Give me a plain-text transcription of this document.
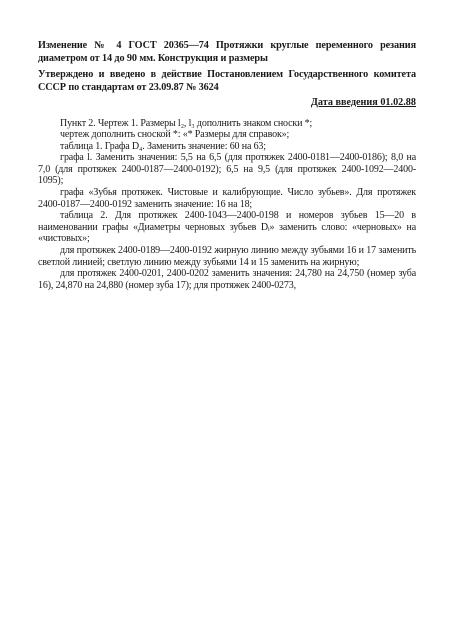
Изменение № 4 ГОСТ 20365—74 Протяжки круглые переменного резания диаметром от 14 до 90 мм. Конструкция и размеры
Утверждено и введено в действие Постановлением Государственного комитета СССР по стандартам от 23.09.87 № 3624
Дата введения 01.02.88

Пункт 2. Чертеж 1. Размеры l₂, l₃ дополнить знаком сноски *;

чертеж дополнить сноской *: «* Размеры для справок»;

таблица 1. Графа D₄. Заменить значение: 60 на 63;

графа l. Заменить значения: 5,5 на 6,5 (для протяжек 2400-0181—2400-0186); 8,0 на 7,0 (для протяжек 2400-0187—2400-0192); 6,5 на 9,5 (для протяжек 2400-1092—2400-1095);

графа «Зубья протяжек. Чистовые и калибрующие. Число зубьев». Для протяжек 2400-0187—2400-0192 заменить значение: 16 на 18;

таблица 2. Для протяжек 2400-1043—2400-0198 и номеров зубьев 15—20 в наименовании графы «Диаметры черновых зубьев Dᵢ» заменить слово: «черновых» на «чистовых»;

для протяжек 2400-0189—2400-0192 жирную линию между зубьями 16 и 17 заменить светлой линией; светлую линию между зубьями 14 и 15 заменить на жирную;

для протяжек 2400-0201, 2400-0202 заменить значения: 24,780 на 24,750 (номер зуба 16), 24,870 на 24,880 (номер зуба 17); для протяжек 2400-0273,
